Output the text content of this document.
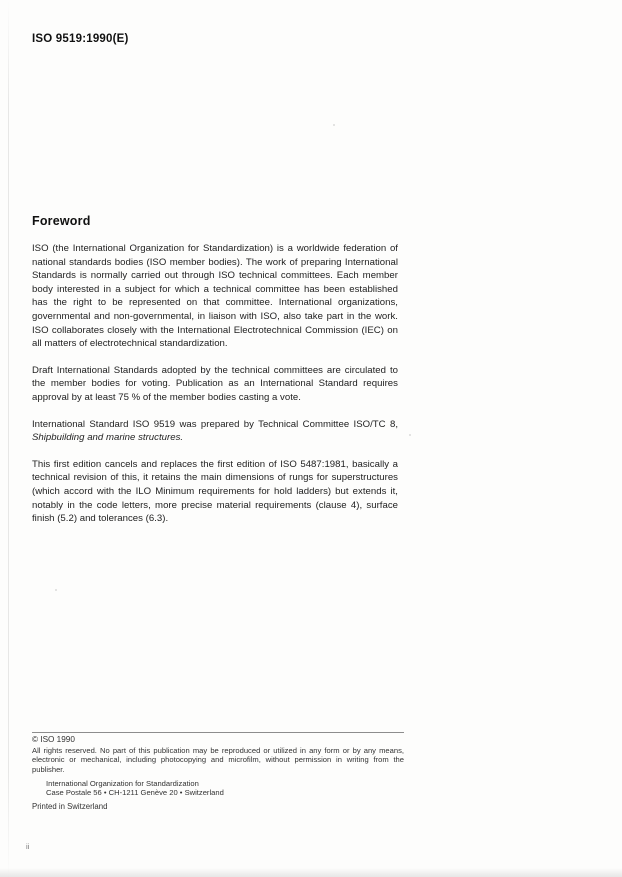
ISO 9519:1990(E)
Foreword

ISO (the International Organization for Standardization) is a worldwide federation of national standards bodies (ISO member bodies). The work of preparing International Standards is normally carried out through ISO technical committees. Each member body interested in a subject for which a technical committee has been established has the right to be represented on that committee. International organizations, governmental and non-governmental, in liaison with ISO, also take part in the work. ISO collaborates closely with the International Electrotechnical Commission (IEC) on all matters of electrotechnical standardization.

Draft International Standards adopted by the technical committees are circulated to the member bodies for voting. Publication as an International Standard requires approval by at least 75 % of the member bodies casting a vote.

International Standard ISO 9519 was prepared by Technical Committee ISO/TC 8, Shipbuilding and marine structures.

This first edition cancels and replaces the first edition of ISO 5487:1981, basically a technical revision of this, it retains the main dimensions of rungs for superstructures (which accord with the ILO Minimum requirements for hold ladders) but extends it, notably in the code letters, more precise material requirements (clause 4), surface finish (5.2) and tolerances (6.3).

© ISO 1990

All rights reserved. No part of this publication may be reproduced or utilized in any form or by any means, electronic or mechanical, including photocopying and microfilm, without permission in writing from the publisher.

International Organization for Standardization
Case Postale 56 • CH-1211 Genève 20 • Switzerland
Printed in Switzerland
ii
